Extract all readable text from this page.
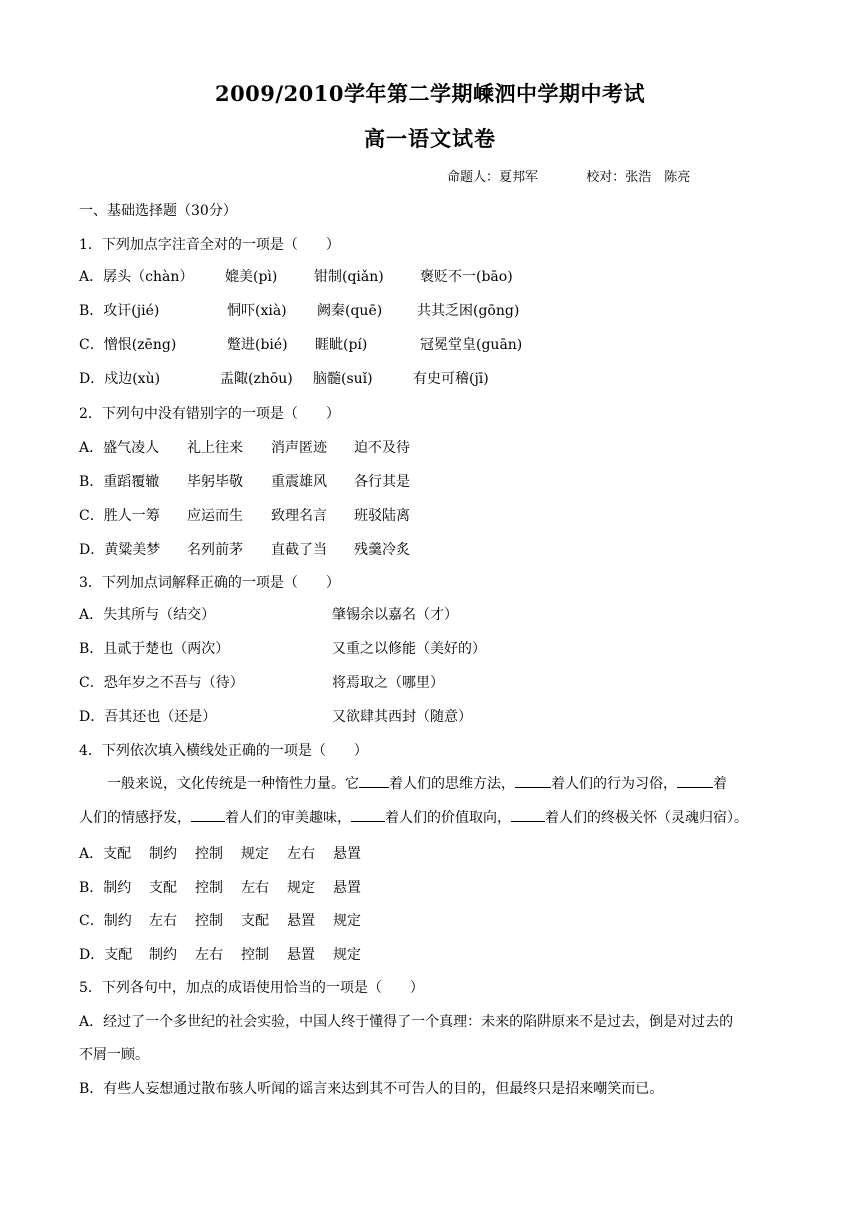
2009/2010学年第二学期嵊泗中学期中考试
高一语文试卷
命题人：夏邦军	校对：张浩　陈亮
一、基础选择题（30分）
1．下列加点字注音全对的一项是（　　）
A．孱头（chàn） 媲美(pì)	钳制(qiǎn)	褒贬不一(bāo)
B．攻讦(jié)	恫吓(xià) 阙秦(quē) 共其乏困(gōng)
C．憎恨(zēng)	蹩进(bié) 睚眦(pí)	冠冕堂皇(guān)
D．戍边(xù)	盂陬(zhōu) 脑髓(suǐ)	有史可稽(jī)
2．下列句中没有错别字的一项是（　　）
A．盛气凌人 礼上往来 消声匿迹 迫不及待
B．重蹈覆辙 毕躬毕敬 重震雄风 各行其是
C．胜人一筹 应运而生 致理名言 班驳陆离
D．黄粱美梦 名列前茅 直截了当 残羹冷炙
3．下列加点词解释正确的一项是（　　）
A．失其所与（结交）	肇锡余以嘉名（才）
B．且贰于楚也（两次）	又重之以修能（美好的）
C．恐年岁之不吾与（待）	将焉取之（哪里）
D．吾其还也（还是）	又欲肆其西封（随意）
4．下列依次填入横线处正确的一项是（　　）
一般来说，文化传统是一种惰性力量。它 着人们的思维方法，	着人们的行为习俗，	着
人们的情感抒发， 着人们的审美趣味， 着人们的价值取向， 着人们的终极关怀（灵魂归宿）。
A．支配 制约 控制 规定 左右 悬置
B．制约 支配 控制 左右 规定 悬置
C．制约 左右 控制 支配 悬置 规定
D．支配 制约 左右 控制 悬置 规定
5．下列各句中，加点的成语使用恰当的一项是（　　）
A．经过了一个多世纪的社会实验，中国人终于懂得了一个真理：未来的陷阱原来不是过去，倒是对过去的
不屑一顾。
B．有些人妄想通过散布骇人听闻的谣言来达到其不可告人的目的，但最终只是招来嘲笑而已。
